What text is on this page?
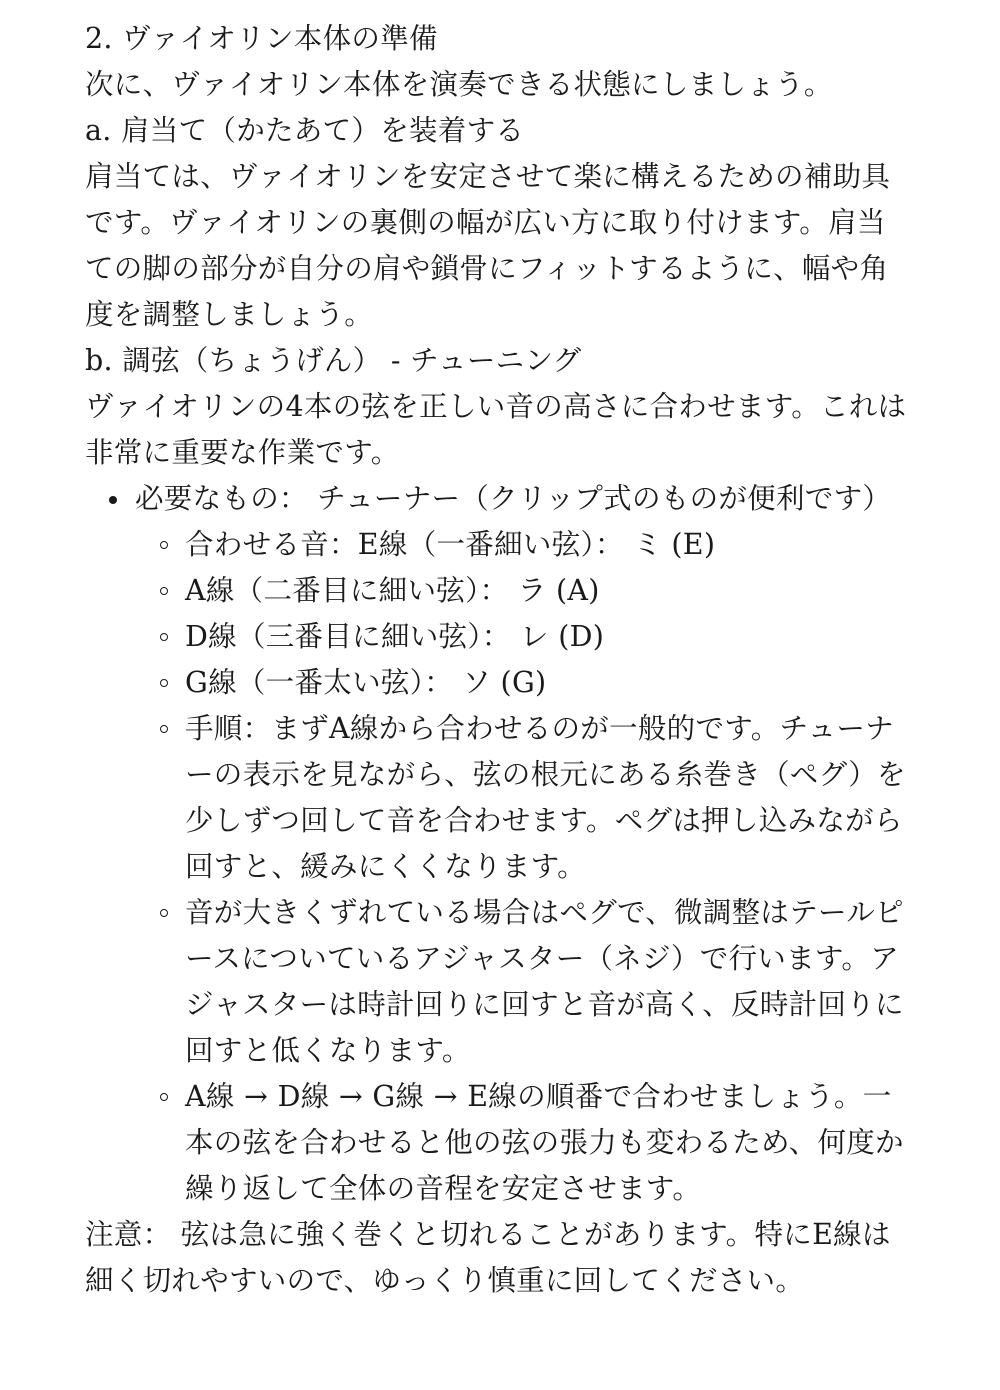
2. ヴァイオリン本体の準備

次に、ヴァイオリン本体を演奏できる状態にしましょう。

a. 肩当て（かたあて）を装着する

肩当ては、ヴァイオリンを安定させて楽に構えるための補助具です。ヴァイオリンの裏側の幅が広い方に取り付けます。肩当ての脚の部分が自分の肩や鎖骨にフィットするように、幅や角度を調整しましょう。

b. 調弦（ちょうげん） - チューニング

ヴァイオリンの4本の弦を正しい音の高さに合わせます。これは非常に重要な作業です。

必要なもの： チューナー（クリップ式のものが便利です）
合わせる音：E線（一番細い弦）： ミ (E)
A線（二番目に細い弦）： ラ (A)
D線（三番目に細い弦）： レ (D)
G線（一番太い弦）： ソ (G)
手順：まずA線から合わせるのが一般的です。チューナーの表示を見ながら、弦の根元にある糸巻き（ペグ）を少しずつ回して音を合わせます。ペグは押し込みながら回すと、緩みにくくなります。
音が大きくずれている場合はペグで、微調整はテールピースについているアジャスター（ネジ）で行います。アジャスターは時計回りに回すと音が高く、反時計回りに回すと低くなります。
A線 → D線 → G線 → E線の順番で合わせましょう。一本の弦を合わせると他の弦の張力も変わるため、何度か繰り返して全体の音程を安定させます。

注意： 弦は急に強く巻くと切れることがあります。特にE線は細く切れやすいので、ゆっくり慎重に回してください。
